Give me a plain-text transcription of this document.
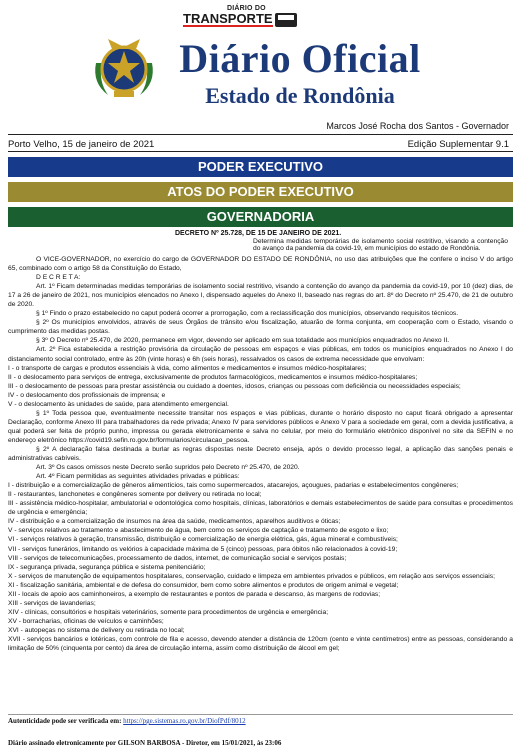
DIÁRIO DO
TRANSPORTE
Diário Oficial
Estado de Rondônia
Marcos José Rocha dos Santos - Governador
Porto Velho, 15 de janeiro de 2021	Edição Suplementar 9.1
PODER EXECUTIVO
ATOS DO PODER EXECUTIVO
GOVERNADORIA
DECRETO Nº 25.728, DE 15 DE JANEIRO DE 2021.
Determina medidas temporárias de isolamento social restritivo, visando a contenção do avanço da pandemia da covid-19, em municípios do estado de Rondônia.

O VICE-GOVERNADOR, no exercício do cargo de GOVERNADOR DO ESTADO DE RONDÔNIA, no uso das atribuições que lhe confere o inciso V do artigo 65, combinado com o artigo 58 da Constituição do Estado,

D E C R E T A:

Art. 1º Ficam determinadas medidas temporárias de isolamento social restritivo, visando a contenção do avanço da pandemia da covid-19, por 10 (dez) dias, de 17 a 26 de janeiro de 2021, nos municípios elencados no Anexo I, dispensado aqueles do Anexo II, baseado nas regras do art. 8º do Decreto nº 25.470, de 21 de outubro de 2020.

§ 1º Findo o prazo estabelecido no caput poderá ocorrer a prorrogação, com a reclassificação dos municípios, observando requisitos técnicos.

§ 2º Os municípios envolvidos, através de seus Órgãos de trânsito e/ou fiscalização, atuarão de forma conjunta, em cooperação com o Estado, visando o cumprimento das medidas postas.

§ 3º O Decreto nº 25.470, de 2020, permanece em vigor, devendo ser aplicado em sua totalidade aos municípios enquadrados no Anexo II.

Art. 2º Fica estabelecida a restrição provisória da circulação de pessoas em espaços e vias públicas, em todos os municípios enquadrados no Anexo I do distanciamento social controlado, entre às 20h (vinte horas) e 6h (seis horas), ressalvados os casos de extrema necessidade que envolvam:

I - o transporte de cargas e produtos essenciais à vida, como alimentos e medicamentos e insumos médico-hospitalares;

II - o deslocamento para serviços de entrega, exclusivamente de produtos farmacológicos, medicamentos e insumos médico-hospitalares;

III - o deslocamento de pessoas para prestar assistência ou cuidado a doentes, idosos, crianças ou pessoas com deficiência ou necessidades especiais;

IV - o deslocamento dos profissionais de imprensa; e

V - o deslocamento às unidades de saúde, para atendimento emergencial.

§ 1º Toda pessoa que, eventualmente necessite transitar nos espaços e vias públicas, durante o horário disposto no caput ficará obrigado a apresentar Declaração, conforme Anexo III para trabalhadores da rede privada; Anexo IV para servidores públicos e Anexo V para a sociedade em geral, com a devida justificativa, a qual poderá ser feita de próprio punho, impressa ou gerada eletronicamente e salva no celular, por meio do formulário eletrônico disponível no site da SEFIN e no endereço eletrônico https://covid19.sefin.ro.gov.br/formularios/circulacao_pessoa.

§ 2º A declaração falsa destinada a burlar as regras dispostas neste Decreto enseja, após o devido processo legal, a aplicação das sanções penais e administrativas cabíveis.

Art. 3º Os casos omissos neste Decreto serão supridos pelo Decreto nº 25.470, de 2020.

Art. 4º Ficam permitidas as seguintes atividades privadas e públicas:

I - distribuição e a comercialização de gêneros alimentícios, tais como supermercados, atacarejos, açougues, padarias e estabelecimentos congêneres;

II - restaurantes, lanchonetes e congêneres somente por delivery ou retirada no local;

III - assistência médico-hospitalar, ambulatorial e odontológica como hospitais, clínicas, laboratórios e demais estabelecimentos de saúde para consultas e procedimentos de urgência e emergência;

IV - distribuição e a comercialização de insumos na área da saúde, medicamentos, aparelhos auditivos e óticas;

V - serviços relativos ao tratamento e abastecimento de água, bem como os serviços de captação e tratamento de esgoto e lixo;

VI - serviços relativos à geração, transmissão, distribuição e comercialização de energia elétrica, gás, água mineral e combustíveis;

VII - serviços funerários, limitando os velórios à capacidade máxima de 5 (cinco) pessoas, para óbitos não relacionados à covid-19;

VIII - serviços de telecomunicações, processamento de dados, internet, de comunicação social e serviços postais;

IX - segurança privada, segurança pública e sistema penitenciário;

X - serviços de manutenção de equipamentos hospitalares, conservação, cuidado e limpeza em ambientes privados e públicos, em relação aos serviços essenciais;

XI - fiscalização sanitária, ambiental e de defesa do consumidor, bem como sobre alimentos e produtos de origem animal e vegetal;

XII - locais de apoio aos caminhoneiros, a exemplo de restaurantes e pontos de parada e descanso, às margens de rodovias;

XIII - serviços de lavanderias;

XIV - clínicas, consultórios e hospitais veterinários, somente para procedimentos de urgência e emergência;

XV - borracharias, oficinas de veículos e caminhões;

XVI - autopeças no sistema de delivery ou retirada no local;

XVII - serviços bancários e lotéricas, com controle de fila e acesso, devendo atender a distância de 120cm (cento e vinte centímetros) entre as pessoas, considerando a limitação de 50% (cinquenta por cento) da área de circulação interna, assim como distribuição de álcool em gel;

Autenticidade pode ser verificada em: https://pge.sistemas.ro.gov.br/DiofPdf/8012
Diário assinado eletronicamente por GILSON BARBOSA - Diretor, em 15/01/2021, às 23:06
